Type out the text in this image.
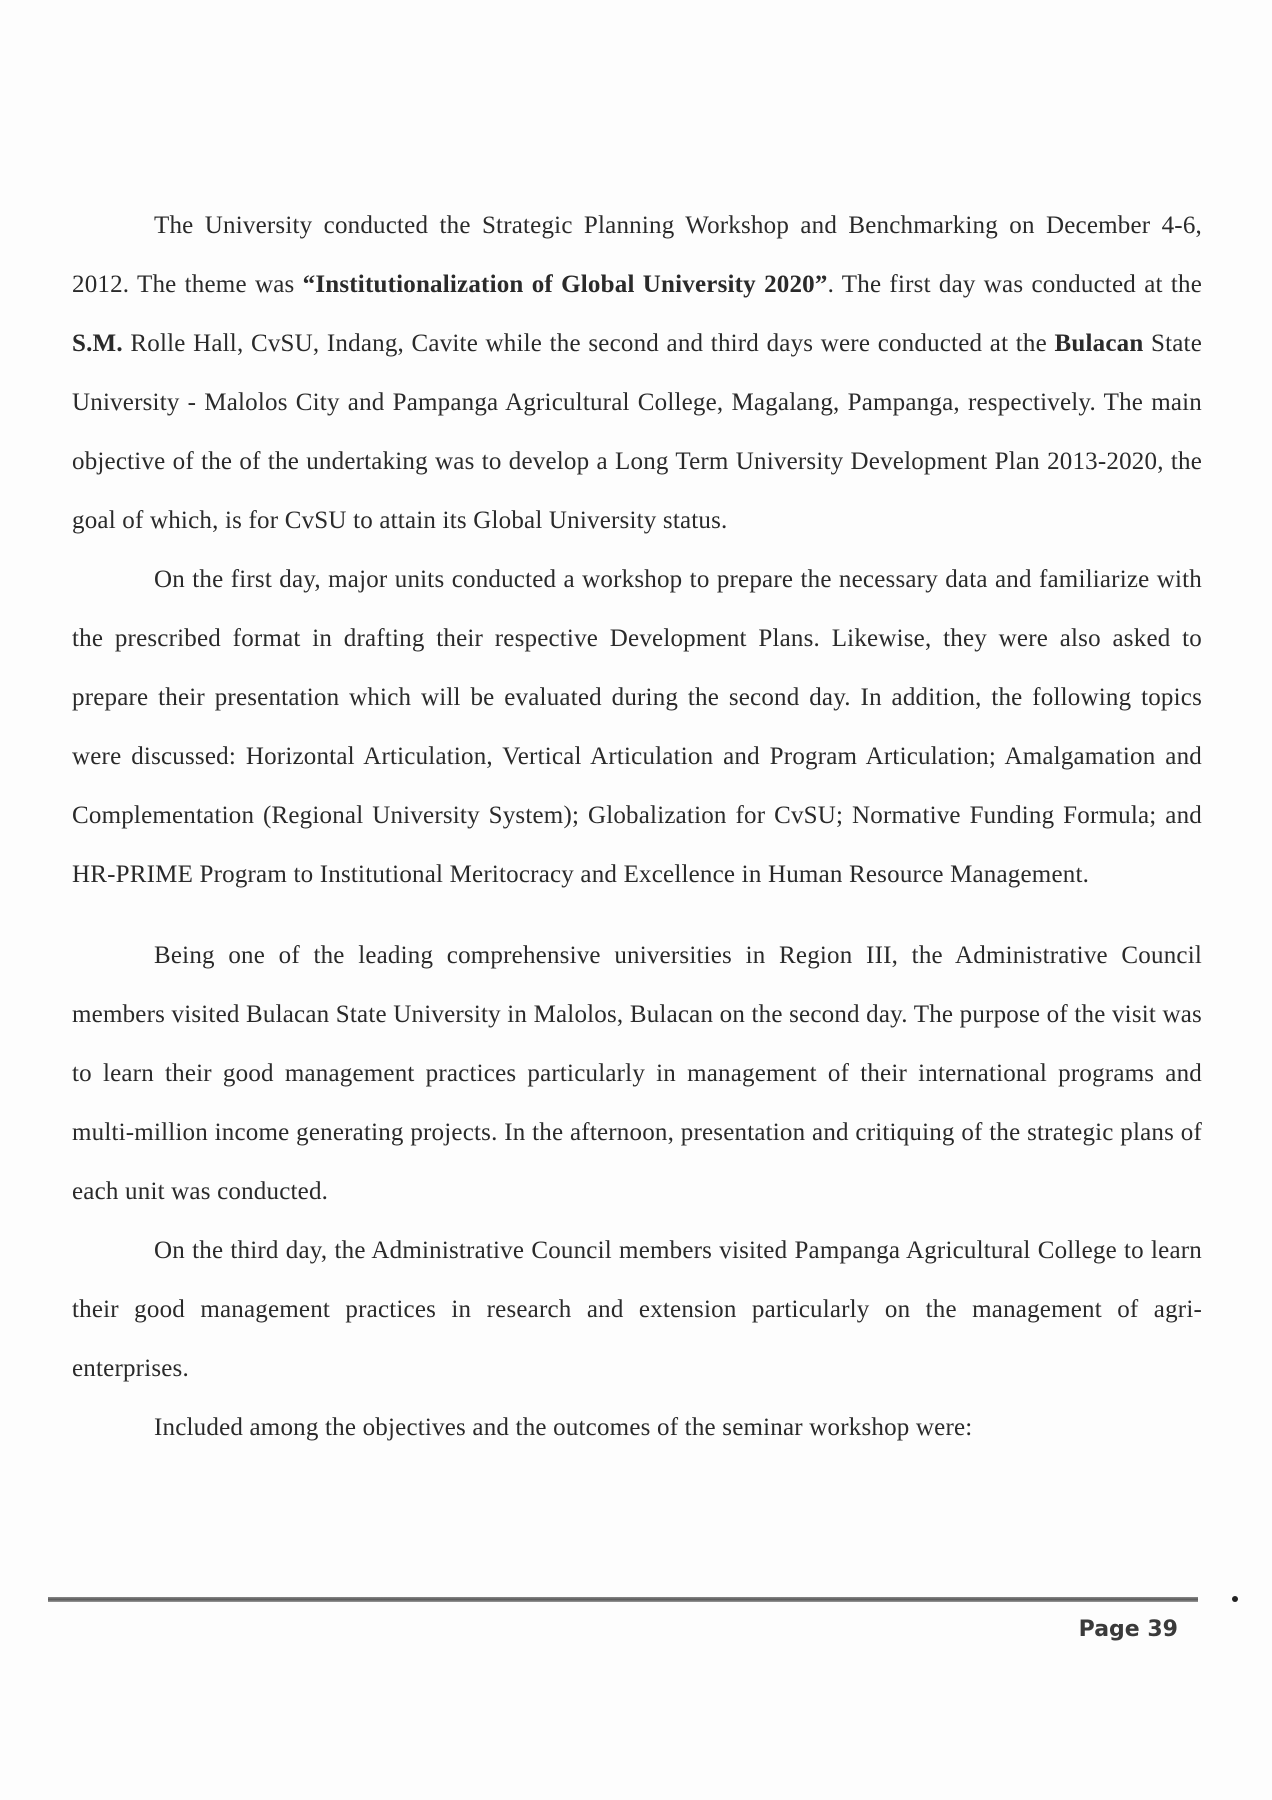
The University conducted the Strategic Planning Workshop and Benchmarking on December 4-6, 2012. The theme was “Institutionalization of Global University 2020”. The first day was conducted at the S.M. Rolle Hall, CvSU, Indang, Cavite while the second and third days were conducted at the Bulacan State University - Malolos City and Pampanga Agricultural College, Magalang, Pampanga, respectively. The main objective of the of the undertaking was to develop a Long Term University Development Plan 2013-2020, the goal of which, is for CvSU to attain its Global University status.

On the first day, major units conducted a workshop to prepare the necessary data and familiarize with the prescribed format in drafting their respective Development Plans. Likewise, they were also asked to prepare their presentation which will be evaluated during the second day. In addition, the following topics were discussed: Horizontal Articulation, Vertical Articulation and Program Articulation; Amalgamation and Complementation (Regional University System); Globalization for CvSU; Normative Funding Formula; and HR-PRIME Program to Institutional Meritocracy and Excellence in Human Resource Management.

Being one of the leading comprehensive universities in Region III, the Administrative Council members visited Bulacan State University in Malolos, Bulacan on the second day. The purpose of the visit was to learn their good management practices particularly in management of their international programs and multi-million income generating projects. In the afternoon, presentation and critiquing of the strategic plans of each unit was conducted.

On the third day, the Administrative Council members visited Pampanga Agricultural College to learn their good management practices in research and extension particularly on the management of agri-enterprises.

Included among the objectives and the outcomes of the seminar workshop were:

Page 39
